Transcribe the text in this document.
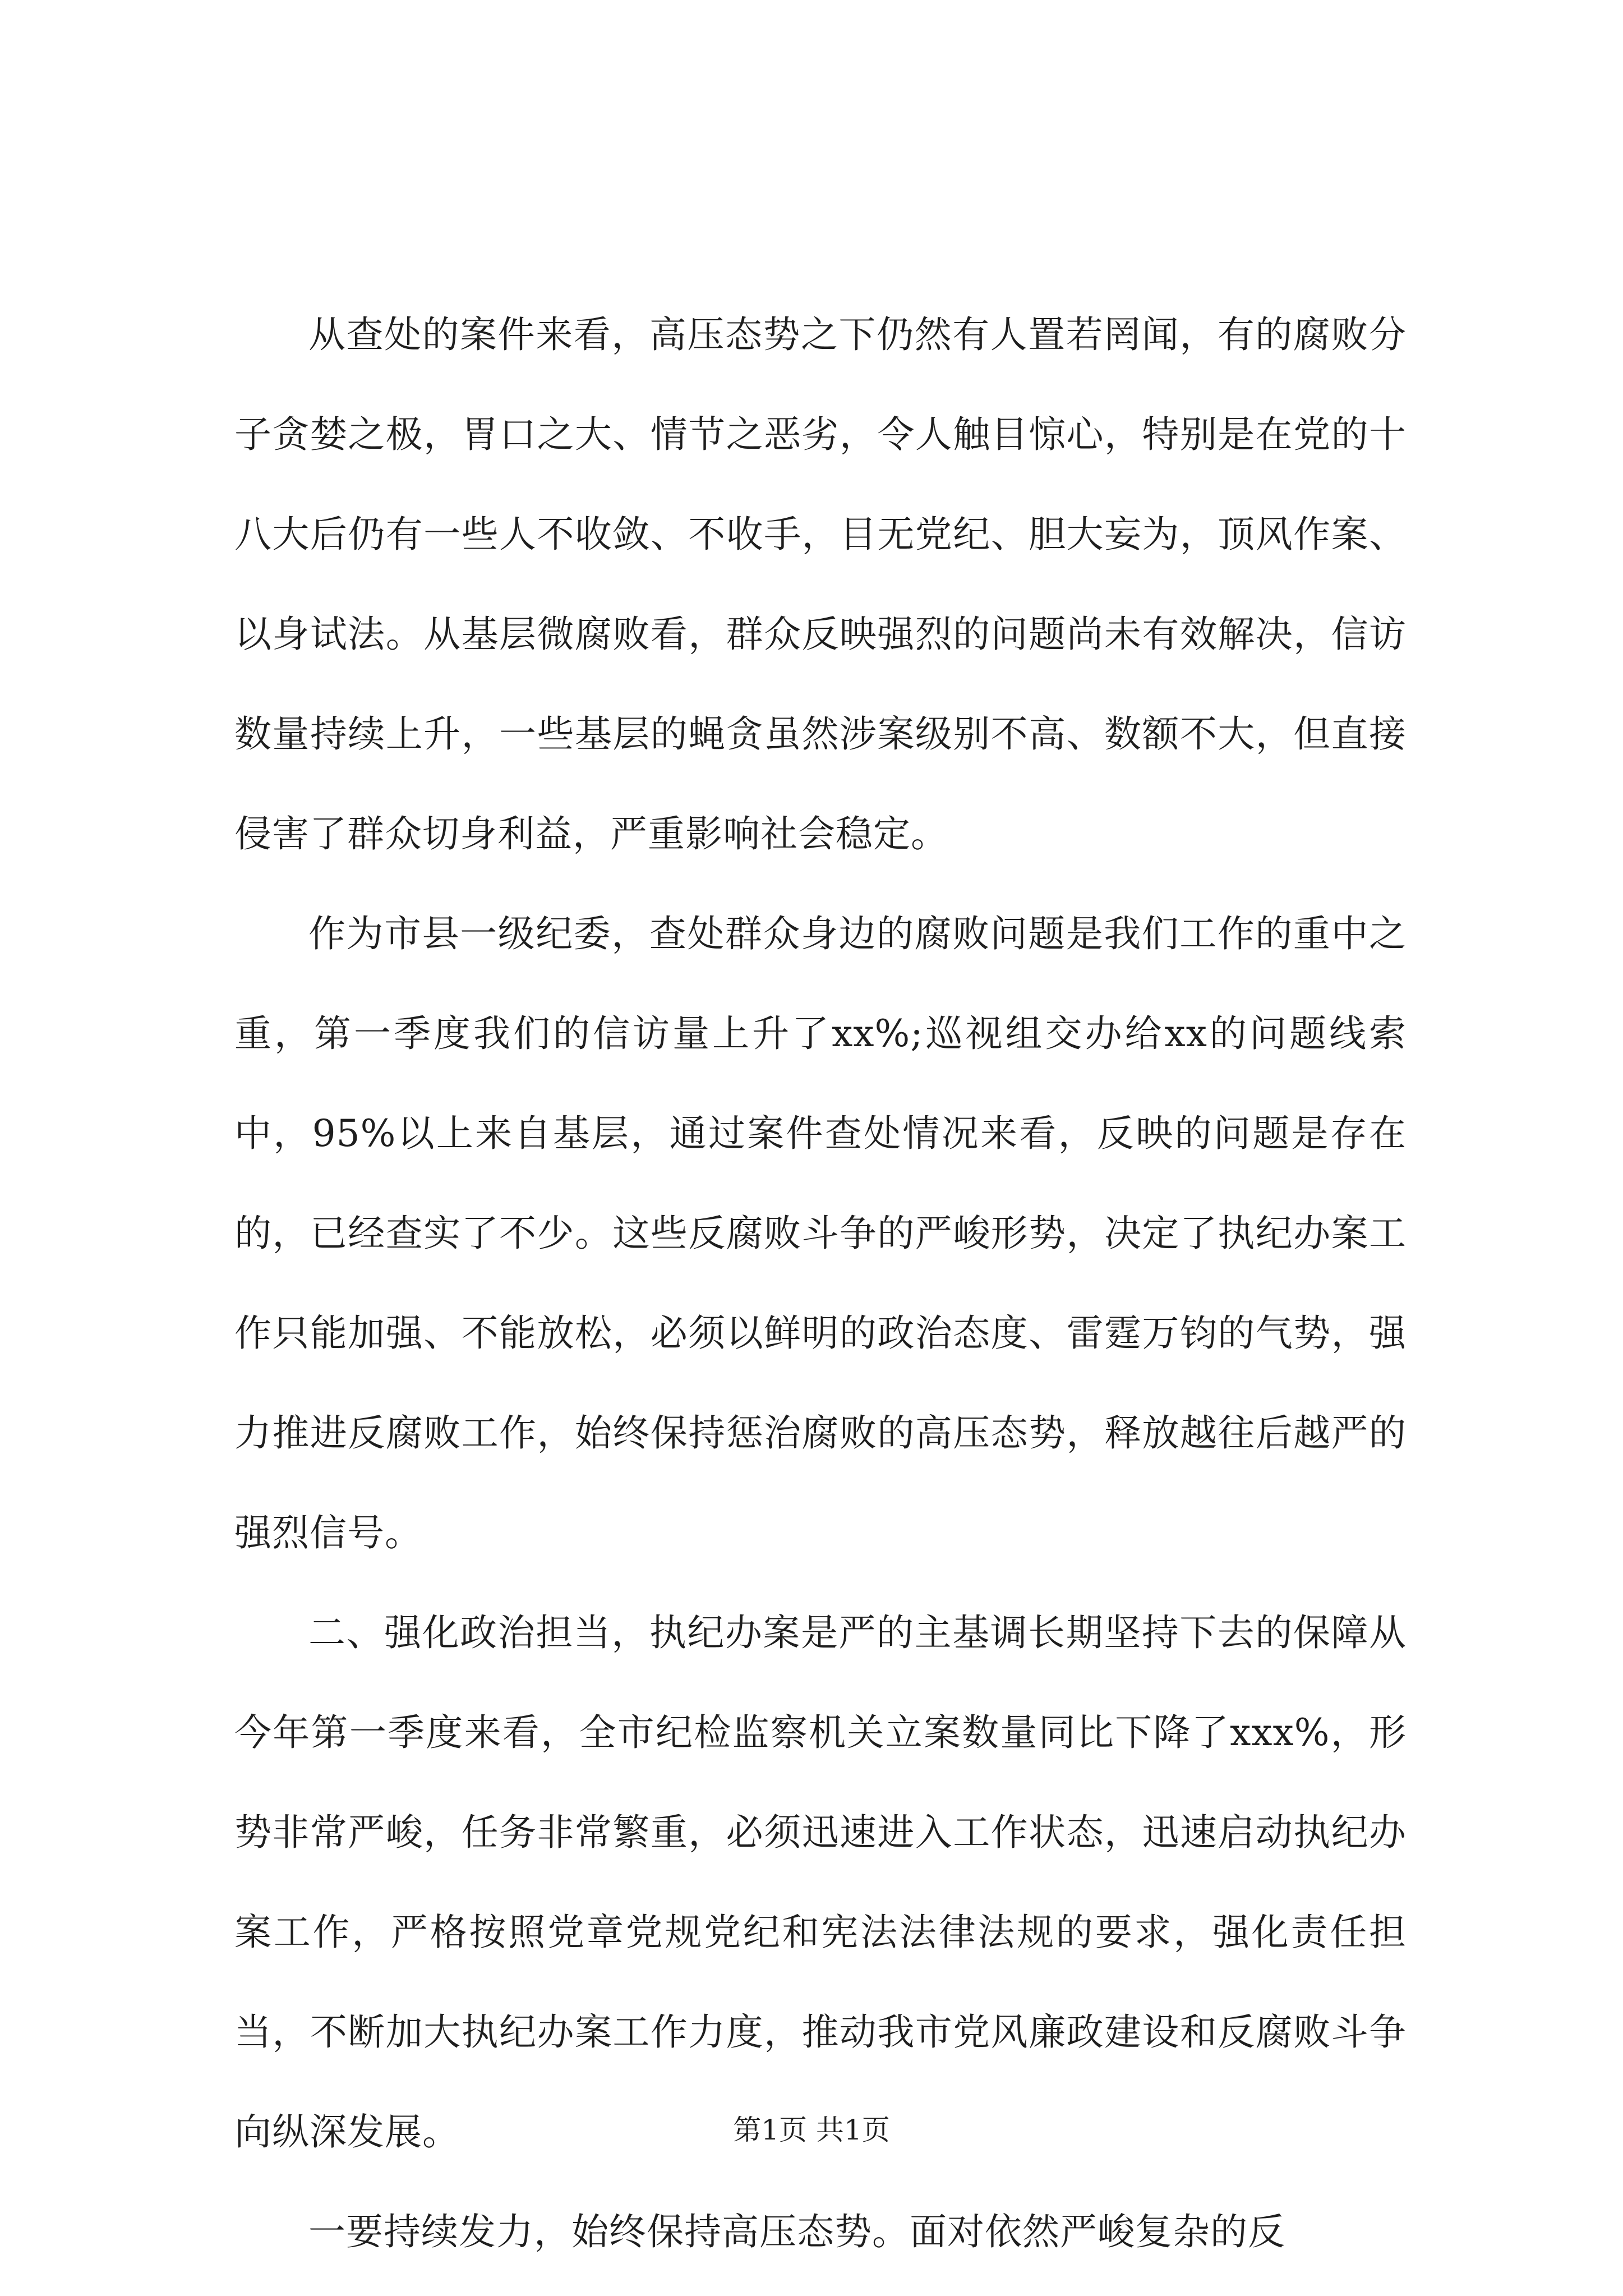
从查处的案件来看，高压态势之下仍然有人置若罔闻，有的腐败分子贪婪之极，胃口之大、情节之恶劣，令人触目惊心，特别是在党的十八大后仍有一些人不收敛、不收手，目无党纪、胆大妄为，顶风作案、以身试法。从基层微腐败看，群众反映强烈的问题尚未有效解决，信访数量持续上升，一些基层的蝇贪虽然涉案级别不高、数额不大，但直接侵害了群众切身利益，严重影响社会稳定。

作为市县一级纪委，查处群众身边的腐败问题是我们工作的重中之重，第一季度我们的信访量上升了xx%;巡视组交办给xx的问题线索中，95%以上来自基层，通过案件查处情况来看，反映的问题是存在的，已经查实了不少。这些反腐败斗争的严峻形势，决定了执纪办案工作只能加强、不能放松，必须以鲜明的政治态度、雷霆万钧的气势，强力推进反腐败工作，始终保持惩治腐败的高压态势，释放越往后越严的强烈信号。

二、强化政治担当，执纪办案是严的主基调长期坚持下去的保障从今年第一季度来看，全市纪检监察机关立案数量同比下降了xxx%，形势非常严峻，任务非常繁重，必须迅速进入工作状态，迅速启动执纪办案工作，严格按照党章党规党纪和宪法法律法规的要求，强化责任担当，不断加大执纪办案工作力度，推动我市党风廉政建设和反腐败斗争向纵深发展。

一要持续发力，始终保持高压态势。面对依然严峻复杂的反

第1页 共1页
